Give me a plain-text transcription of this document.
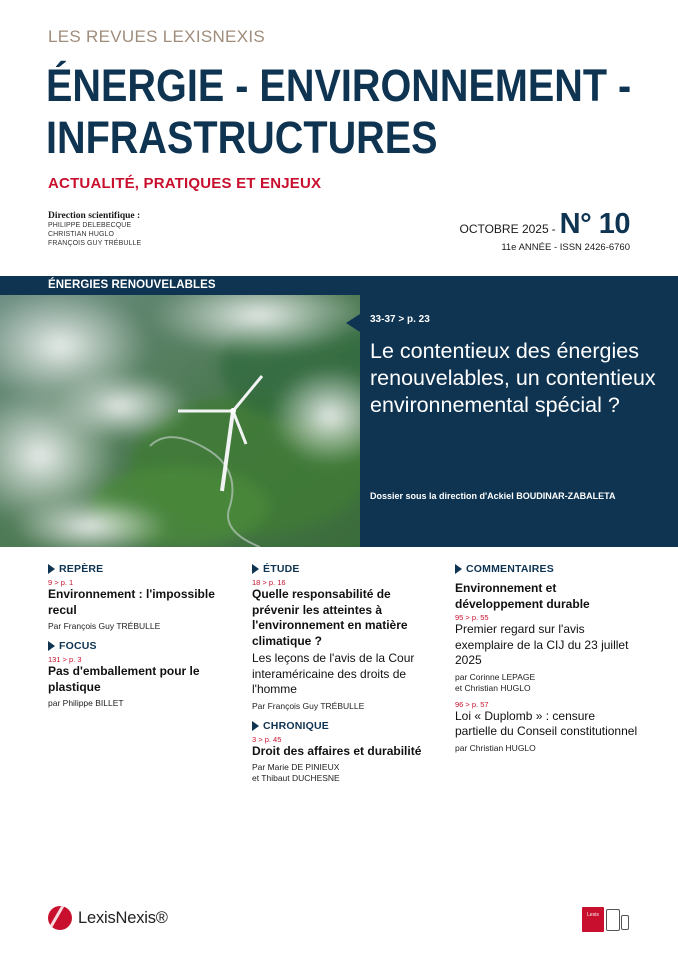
LES REVUES LEXISNEXIS
ÉNERGIE - ENVIRONNEMENT -
INFRASTRUCTURES
ACTUALITÉ, PRATIQUES ET ENJEUX
Direction scientifique :
PHILIPPE DELEBECQUE
CHRISTIAN HUGLO
FRANÇOIS GUY TRÉBULLE
OCTOBRE 2025 - N° 10
11e ANNÉE - ISSN 2426-6760
ÉNERGIES RENOUVELABLES
33-37 > p. 23
Le contentieux des énergies renouvelables, un contentieux environnemental spécial ?
Dossier sous la direction d'Ackiel BOUDINAR-ZABALETA
REPÈRE
9 > p. 1
Environnement : l'impossible recul
Par François Guy TRÉBULLE
FOCUS
131 > p. 3
Pas d'emballement pour le plastique
par Philippe BILLET
ÉTUDE
18 > p. 16
Quelle responsabilité de prévenir les atteintes à l'environnement en matière climatique ?
Les leçons de l'avis de la Cour interaméricaine des droits de l'homme
Par François Guy TRÉBULLE
CHRONIQUE
3 > p. 45
Droit des affaires et durabilité
Par Marie DE PINIEUX
et Thibaut DUCHESNE
COMMENTAIRES
Environnement et développement durable
95 > p. 55
Premier regard sur l'avis exemplaire de la CIJ du 23 juillet 2025
par Corinne LEPAGE
et Christian HUGLO
96 > p. 57
Loi « Duplomb » : censure partielle du Conseil constitutionnel
par Christian HUGLO
LexisNexis®	Lexis
